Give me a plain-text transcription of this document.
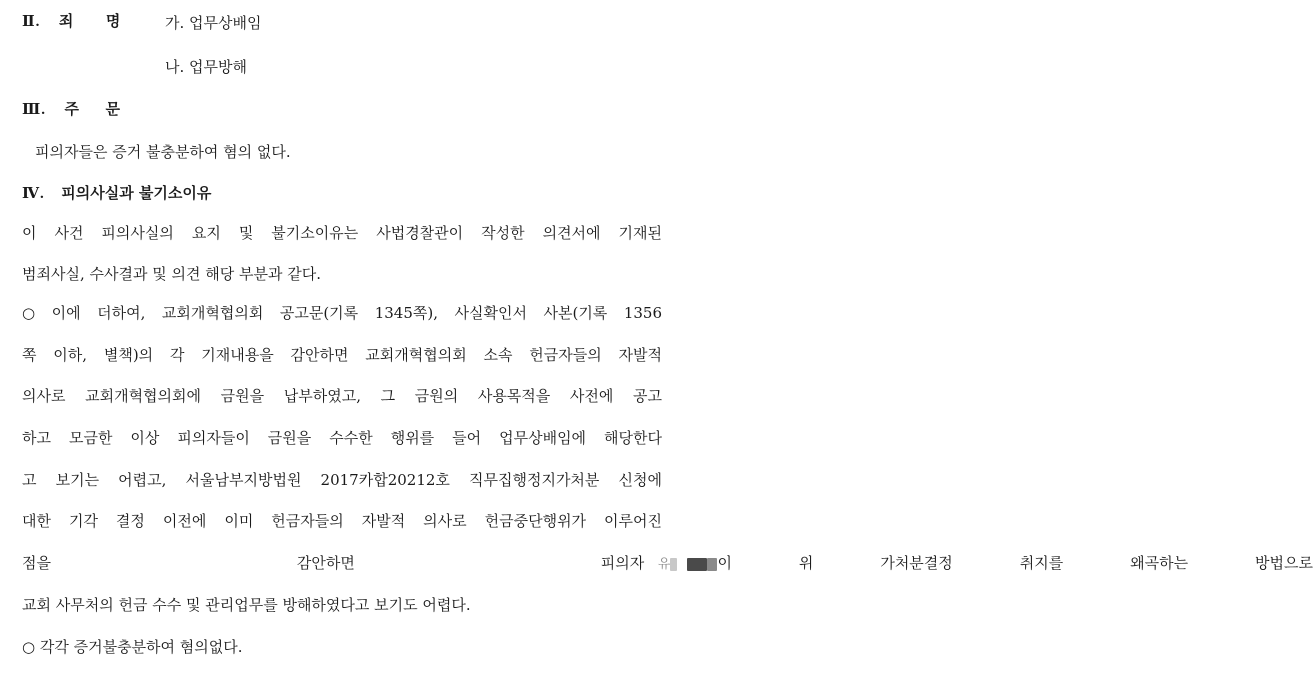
Ⅱ. 죄 명	가. 업무상배임
나. 업무방해
Ⅲ. 주 문
피의자들은 증거 불충분하여 혐의 없다.
Ⅳ. 피의사실과 불기소이유
이 사건 피의사실의 요지 및 불기소이유는 사법경찰관이 작성한 의견서에 기재된
범죄사실, 수사결과 및 의견 해당 부분과 같다.
○ 이에 더하여, 교회개혁협의회 공고문(기록 1345쪽), 사실확인서 사본(기록 1356
쪽 이하, 별책)의 각 기재내용을 감안하면 교회개혁협의회 소속 헌금자들의 자발적
의사로 교회개혁협의회에 금원을 납부하였고, 그 금원의 사용목적을 사전에 공고
하고 모금한 이상 피의자들이 금원을 수수한 행위를 들어 업무상배임에 해당한다
고 보기는 어렵고, 서울남부지방법원 2017카합20212호 직무집행정지가처분 신청에
대한 기각 결정 이전에 이미 헌금자들의 자발적 의사로 헌금중단행위가 이루어진
점을 감안하면 피의자 유	이 위 가처분결정 취지를 왜곡하는 방법으로
교회 사무처의 헌금 수수 및 관리업무를 방해하였다고 보기도 어렵다.
○ 각각 증거불충분하여 혐의없다.
